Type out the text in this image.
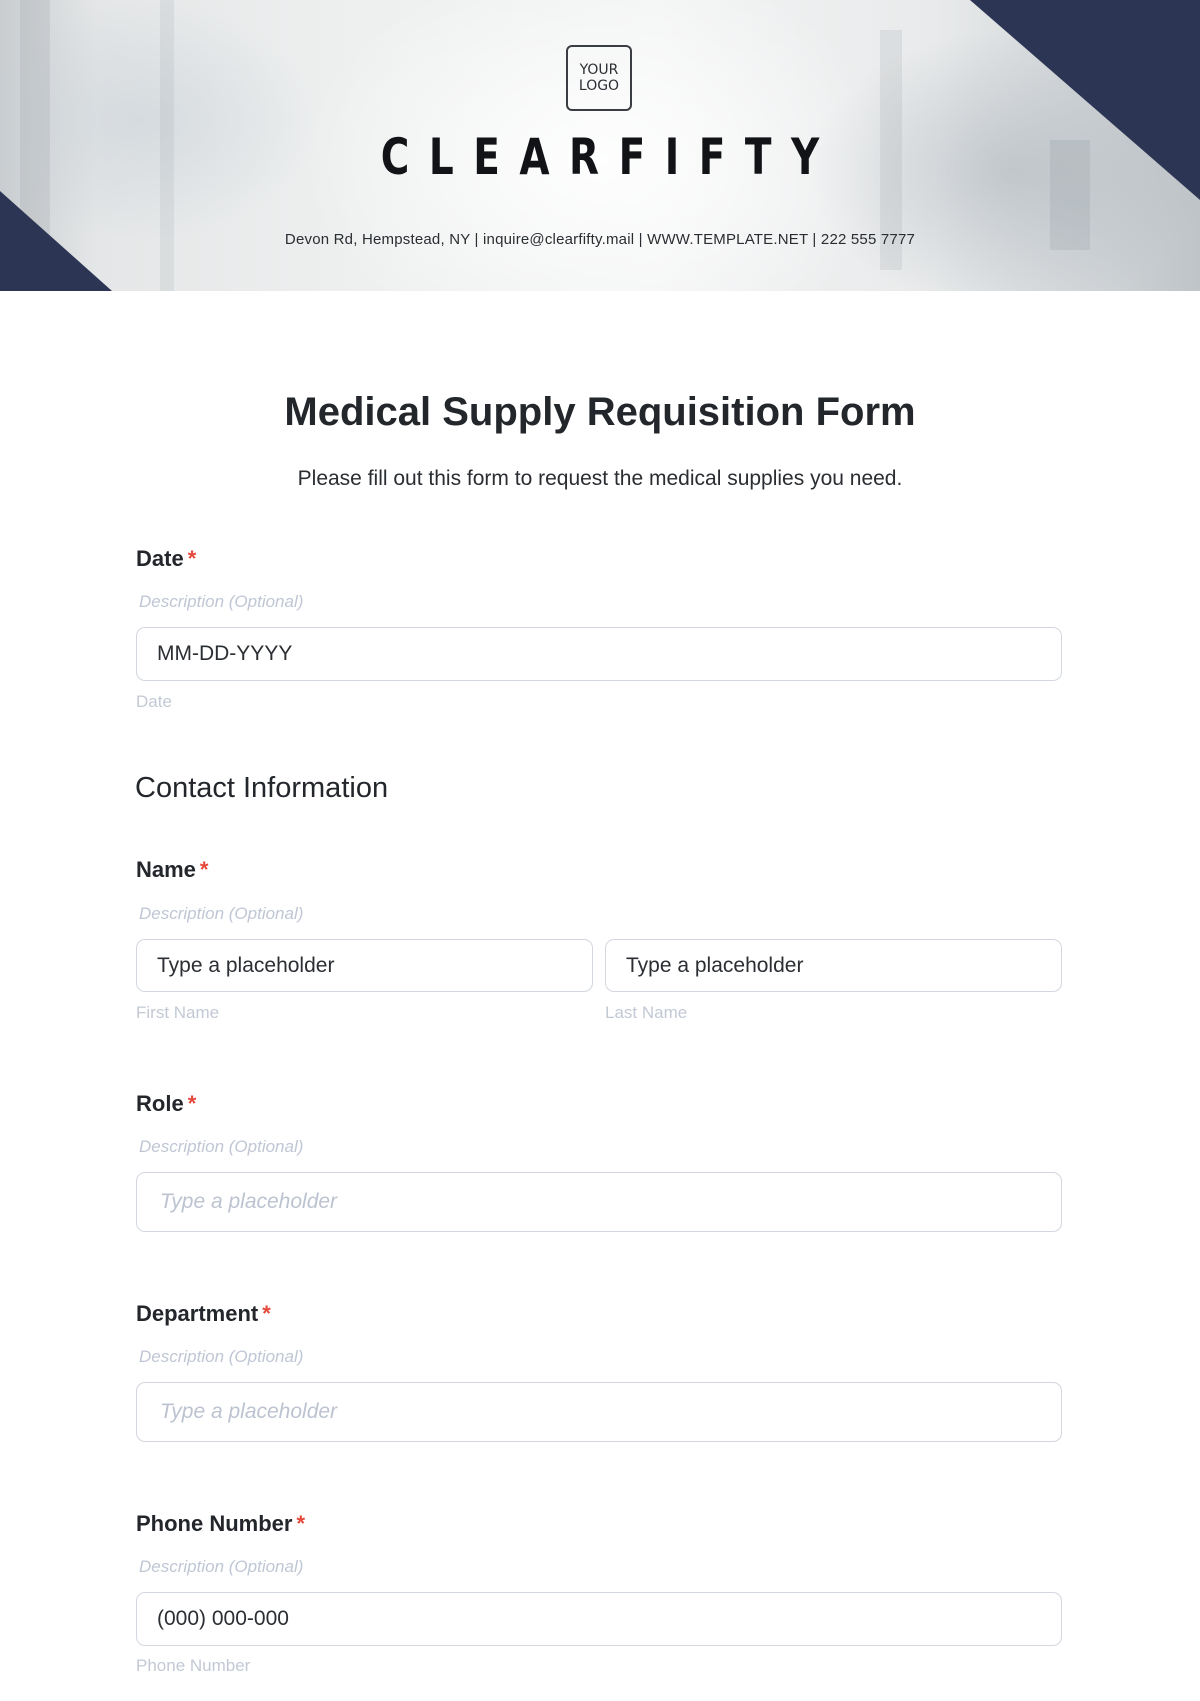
YOUR
LOGO
CLEARFIFTY
Devon Rd, Hempstead, NY | inquire@clearfifty.mail | WWW.TEMPLATE.NET | 222 555 7777
Medical Supply Requisition Form
Please fill out this form to request the medical supplies you need.
Date *
Description (Optional)
MM-DD-YYYY
Date
Contact Information
Name *
Description (Optional)
Type a placeholder	Type a placeholder
First Name	Last Name
Role *
Description (Optional)
Type a placeholder
Department *
Description (Optional)
Type a placeholder
Phone Number *
Description (Optional)
(000) 000-000
Phone Number
